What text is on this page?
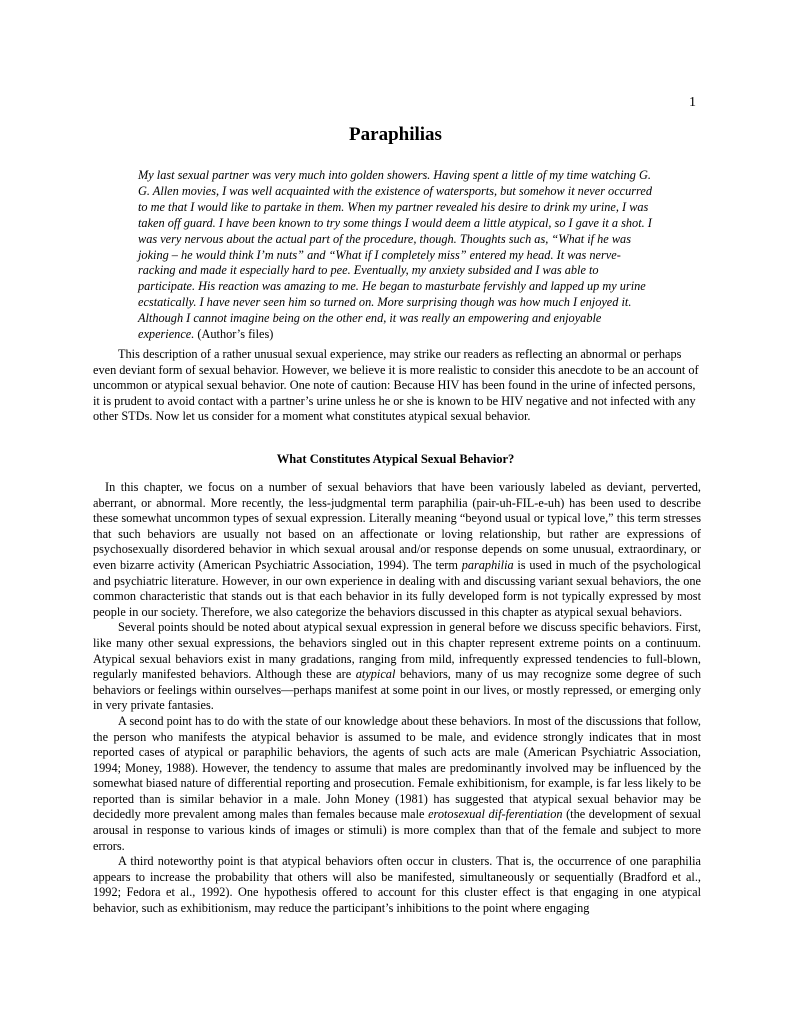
1
Paraphilias

My last sexual partner was very much into golden showers. Having spent a little of my time watching G. G. Allen movies, I was well acquainted with the existence of watersports, but somehow it never occurred to me that I would like to partake in them. When my partner revealed his desire to drink my urine, I was taken off guard. I have been known to try some things I would deem a little atypical, so I gave it a shot. I was very nervous about the actual part of the procedure, though. Thoughts such as, “What if he was joking – he would think I’m nuts” and “What if I completely miss” entered my head. It was nerve-racking and made it especially hard to pee. Eventually, my anxiety subsided and I was able to participate. His reaction was amazing to me. He began to masturbate fervishly and lapped up my urine ecstatically. I have never seen him so turned on. More surprising though was how much I enjoyed it. Although I cannot imagine being on the other end, it was really an empowering and enjoyable experience. (Author’s files)

This description of a rather unusual sexual experience, may strike our readers as reflecting an abnormal or perhaps even deviant form of sexual behavior. However, we believe it is more realistic to consider this anecdote to be an account of uncommon or atypical sexual behavior. One note of caution: Because HIV has been found in the urine of infected persons, it is prudent to avoid contact with a partner’s urine unless he or she is known to be HIV negative and not infected with any other STDs. Now let us consider for a moment what constitutes atypical sexual behavior.

What Constitutes Atypical Sexual Behavior?

In this chapter, we focus on a number of sexual behaviors that have been variously labeled as deviant, perverted, aberrant, or abnormal. More recently, the less-judgmental term paraphilia (pair-uh-FIL-e-uh) has been used to describe these somewhat uncommon types of sexual expression. Literally meaning “beyond usual or typical love,” this term stresses that such behaviors are usually not based on an affectionate or loving relationship, but rather are expressions of psychosexually disordered behavior in which sexual arousal and/or response depends on some unusual, extraordinary, or even bizarre activity (American Psychiatric Association, 1994). The term paraphilia is used in much of the psychological and psychiatric literature. However, in our own experience in dealing with and discussing variant sexual behaviors, the one common characteristic that stands out is that each behavior in its fully developed form is not typically expressed by most people in our society. Therefore, we also categorize the behaviors discussed in this chapter as atypical sexual behaviors.

Several points should be noted about atypical sexual expression in general before we discuss specific behaviors. First, like many other sexual expressions, the behaviors singled out in this chapter represent extreme points on a continuum. Atypical sexual behaviors exist in many gradations, ranging from mild, infrequently expressed tendencies to full-blown, regularly manifested behaviors. Although these are atypical behaviors, many of us may recognize some degree of such behaviors or feelings within ourselves—perhaps manifest at some point in our lives, or mostly repressed, or emerging only in very private fantasies.

A second point has to do with the state of our knowledge about these behaviors. In most of the discussions that follow, the person who manifests the atypical behavior is assumed to be male, and evidence strongly indicates that in most reported cases of atypical or paraphilic behaviors, the agents of such acts are male (American Psychiatric Association, 1994; Money, 1988). However, the tendency to assume that males are predominantly involved may be influenced by the somewhat biased nature of differential reporting and prosecution. Female exhibitionism, for example, is far less likely to be reported than is similar behavior in a male. John Money (1981) has suggested that atypical sexual behavior may be decidedly more prevalent among males than females because male erotosexual dif-ferentiation (the development of sexual arousal in response to various kinds of images or stimuli) is more complex than that of the female and subject to more errors.

A third noteworthy point is that atypical behaviors often occur in clusters. That is, the occurrence of one paraphilia appears to increase the probability that others will also be manifested, simultaneously or sequentially (Bradford et al., 1992; Fedora et al., 1992). One hypothesis offered to account for this cluster effect is that engaging in one atypical behavior, such as exhibitionism, may reduce the participant’s inhibitions to the point where engaging
